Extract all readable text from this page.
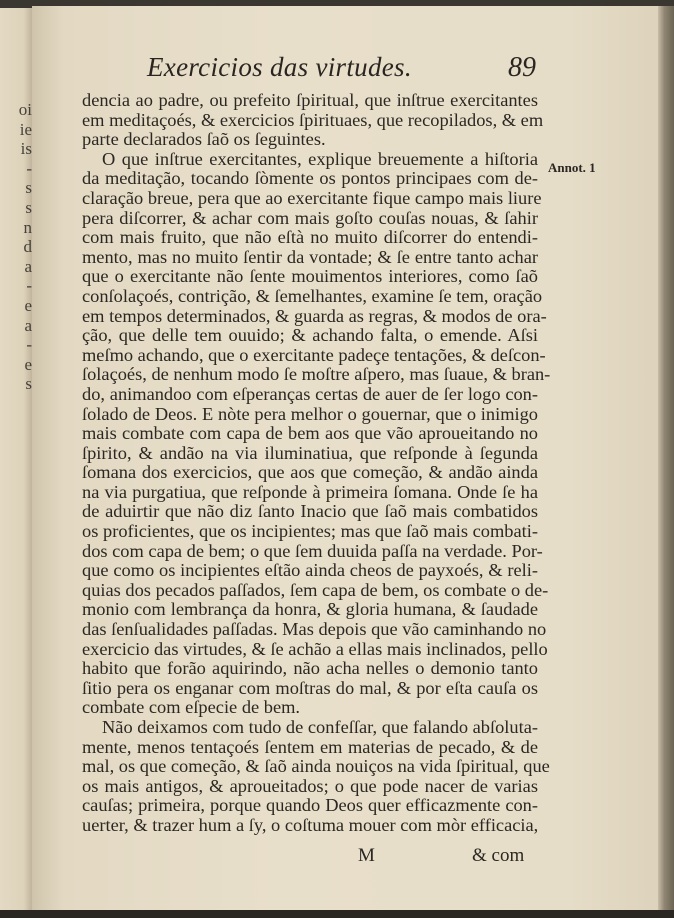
oi
ie
is
-
s
s
n
d
a
-
e
a
-
e
s
Exercicios das virtudes.	89
Annot. 1
dencia ao padre, ou prefeito ſpiritual, que inſtrue exercitantes
em meditaçoés, & exercicios ſpirituaes, que recopilados, & em
parte declarados ſaõ os ſeguintes.
O que inſtrue exercitantes, explique breuemente a hiſtoria
da meditação, tocando ſòmente os pontos principaes com de-
claração breue, pera que ao exercitante fique campo mais liure
pera diſcorrer, & achar com mais goſto couſas nouas, & ſahir
com mais fruito, que não eſtà no muito diſcorrer do entendi-
mento, mas no muito ſentir da vontade; & ſe entre tanto achar
que o exercitante não ſente mouimentos interiores, como ſaõ
conſolaçoés, contrição, & ſemelhantes, examine ſe tem, oração
em tempos determinados, & guarda as regras, & modos de ora-
ção, que delle tem ouuido; & achando falta, o emende. Aſsi
meſmo achando, que o exercitante padeçe tentações, & deſcon-
ſolaçoés, de nenhum modo ſe moſtre aſpero, mas ſuaue, & bran-
do, animandoo com eſperanças certas de auer de ſer logo con-
ſolado de Deos. E nòte pera melhor o gouernar, que o inimigo
mais combate com capa de bem aos que vão aproueitando no
ſpirito, & andão na via iluminatiua, que reſponde à ſegunda
ſomana dos exercicios, que aos que começão, & andão ainda
na via purgatiua, que reſponde à primeira ſomana. Onde ſe ha
de aduirtir que não diz ſanto Inacio que ſaõ mais combatidos
os proficientes, que os incipientes; mas que ſaõ mais combati-
dos com capa de bem; o que ſem duuida paſſa na verdade. Por-
que como os incipientes eſtão ainda cheos de payxoés, & reli-
quias dos pecados paſſados, ſem capa de bem, os combate o de-
monio com lembrança da honra, & gloria humana, & ſaudade
das ſenſualidades paſſadas. Mas depois que vão caminhando no
exercicio das virtudes, & ſe achão a ellas mais inclinados, pello
habito que forão aquirindo, não acha nelles o demonio tanto
ſitio pera os enganar com moſtras do mal, & por eſta cauſa os
combate com eſpecie de bem.
Não deixamos com tudo de confeſſar, que falando abſoluta-
mente, menos tentaçoés ſentem em materias de pecado, & de
mal, os que começão, & ſaõ ainda nouiços na vida ſpiritual, que
os mais antigos, & aproueitados; o que pode nacer de varias
cauſas; primeira, porque quando Deos quer efficazmente con-
uerter, & trazer hum a ſy, o coſtuma mouer com mòr efficacia,
M	& com
